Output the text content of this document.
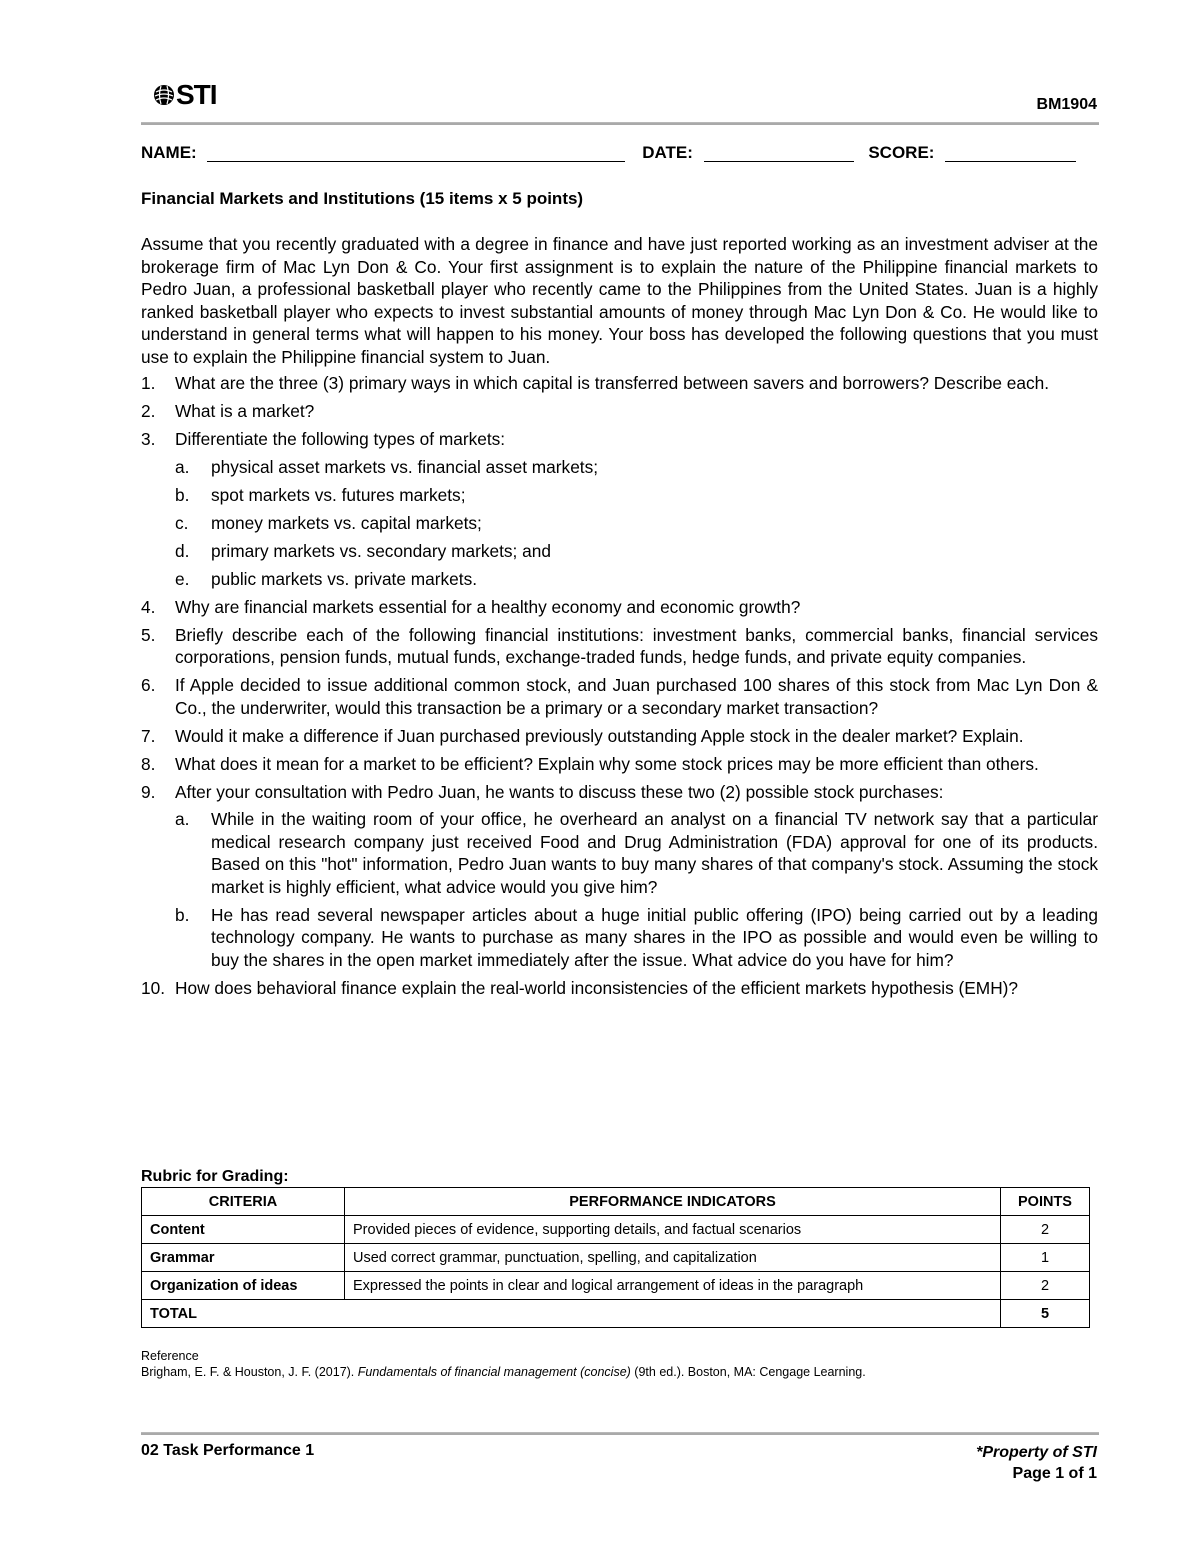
STI	BM1904
NAME:	DATE:	SCORE:
Financial Markets and Institutions (15 items x 5 points)

Assume that you recently graduated with a degree in finance and have just reported working as an investment adviser at the brokerage firm of Mac Lyn Don & Co. Your first assignment is to explain the nature of the Philippine financial markets to Pedro Juan, a professional basketball player who recently came to the Philippines from the United States. Juan is a highly ranked basketball player who expects to invest substantial amounts of money through Mac Lyn Don & Co. He would like to understand in general terms what will happen to his money. Your boss has developed the following questions that you must use to explain the Philippine financial system to Juan.

1. What are the three (3) primary ways in which capital is transferred between savers and borrowers? Describe each.
2. What is a market?
3. Differentiate the following types of markets:
a. physical asset markets vs. financial asset markets;
b. spot markets vs. futures markets;
c. money markets vs. capital markets;
d. primary markets vs. secondary markets; and
e. public markets vs. private markets.
4. Why are financial markets essential for a healthy economy and economic growth?
5. Briefly describe each of the following financial institutions: investment banks, commercial banks, financial services corporations, pension funds, mutual funds, exchange-traded funds, hedge funds, and private equity companies.
6. If Apple decided to issue additional common stock, and Juan purchased 100 shares of this stock from Mac Lyn Don & Co., the underwriter, would this transaction be a primary or a secondary market transaction?
7. Would it make a difference if Juan purchased previously outstanding Apple stock in the dealer market? Explain.
8. What does it mean for a market to be efficient? Explain why some stock prices may be more efficient than others.
9. After your consultation with Pedro Juan, he wants to discuss these two (2) possible stock purchases:
a. While in the waiting room of your office, he overheard an analyst on a financial TV network say that a particular medical research company just received Food and Drug Administration (FDA) approval for one of its products. Based on this "hot" information, Pedro Juan wants to buy many shares of that company's stock. Assuming the stock market is highly efficient, what advice would you give him?
b. He has read several newspaper articles about a huge initial public offering (IPO) being carried out by a leading technology company. He wants to purchase as many shares in the IPO as possible and would even be willing to buy the shares in the open market immediately after the issue. What advice do you have for him?
10. How does behavioral finance explain the real-world inconsistencies of the efficient markets hypothesis (EMH)?
Rubric for Grading:
CRITERIA	PERFORMANCE INDICATORS	POINTS
Content	Provided pieces of evidence, supporting details, and factual scenarios	2
Grammar	Used correct grammar, punctuation, spelling, and capitalization	1
Organization of ideas	Expressed the points in clear and logical arrangement of ideas in the paragraph	2
TOTAL		5
Reference
Brigham, E. F. & Houston, J. F. (2017). Fundamentals of financial management (concise) (9th ed.). Boston, MA: Cengage Learning.
02 Task Performance 1	*Property of STI
Page 1 of 1
